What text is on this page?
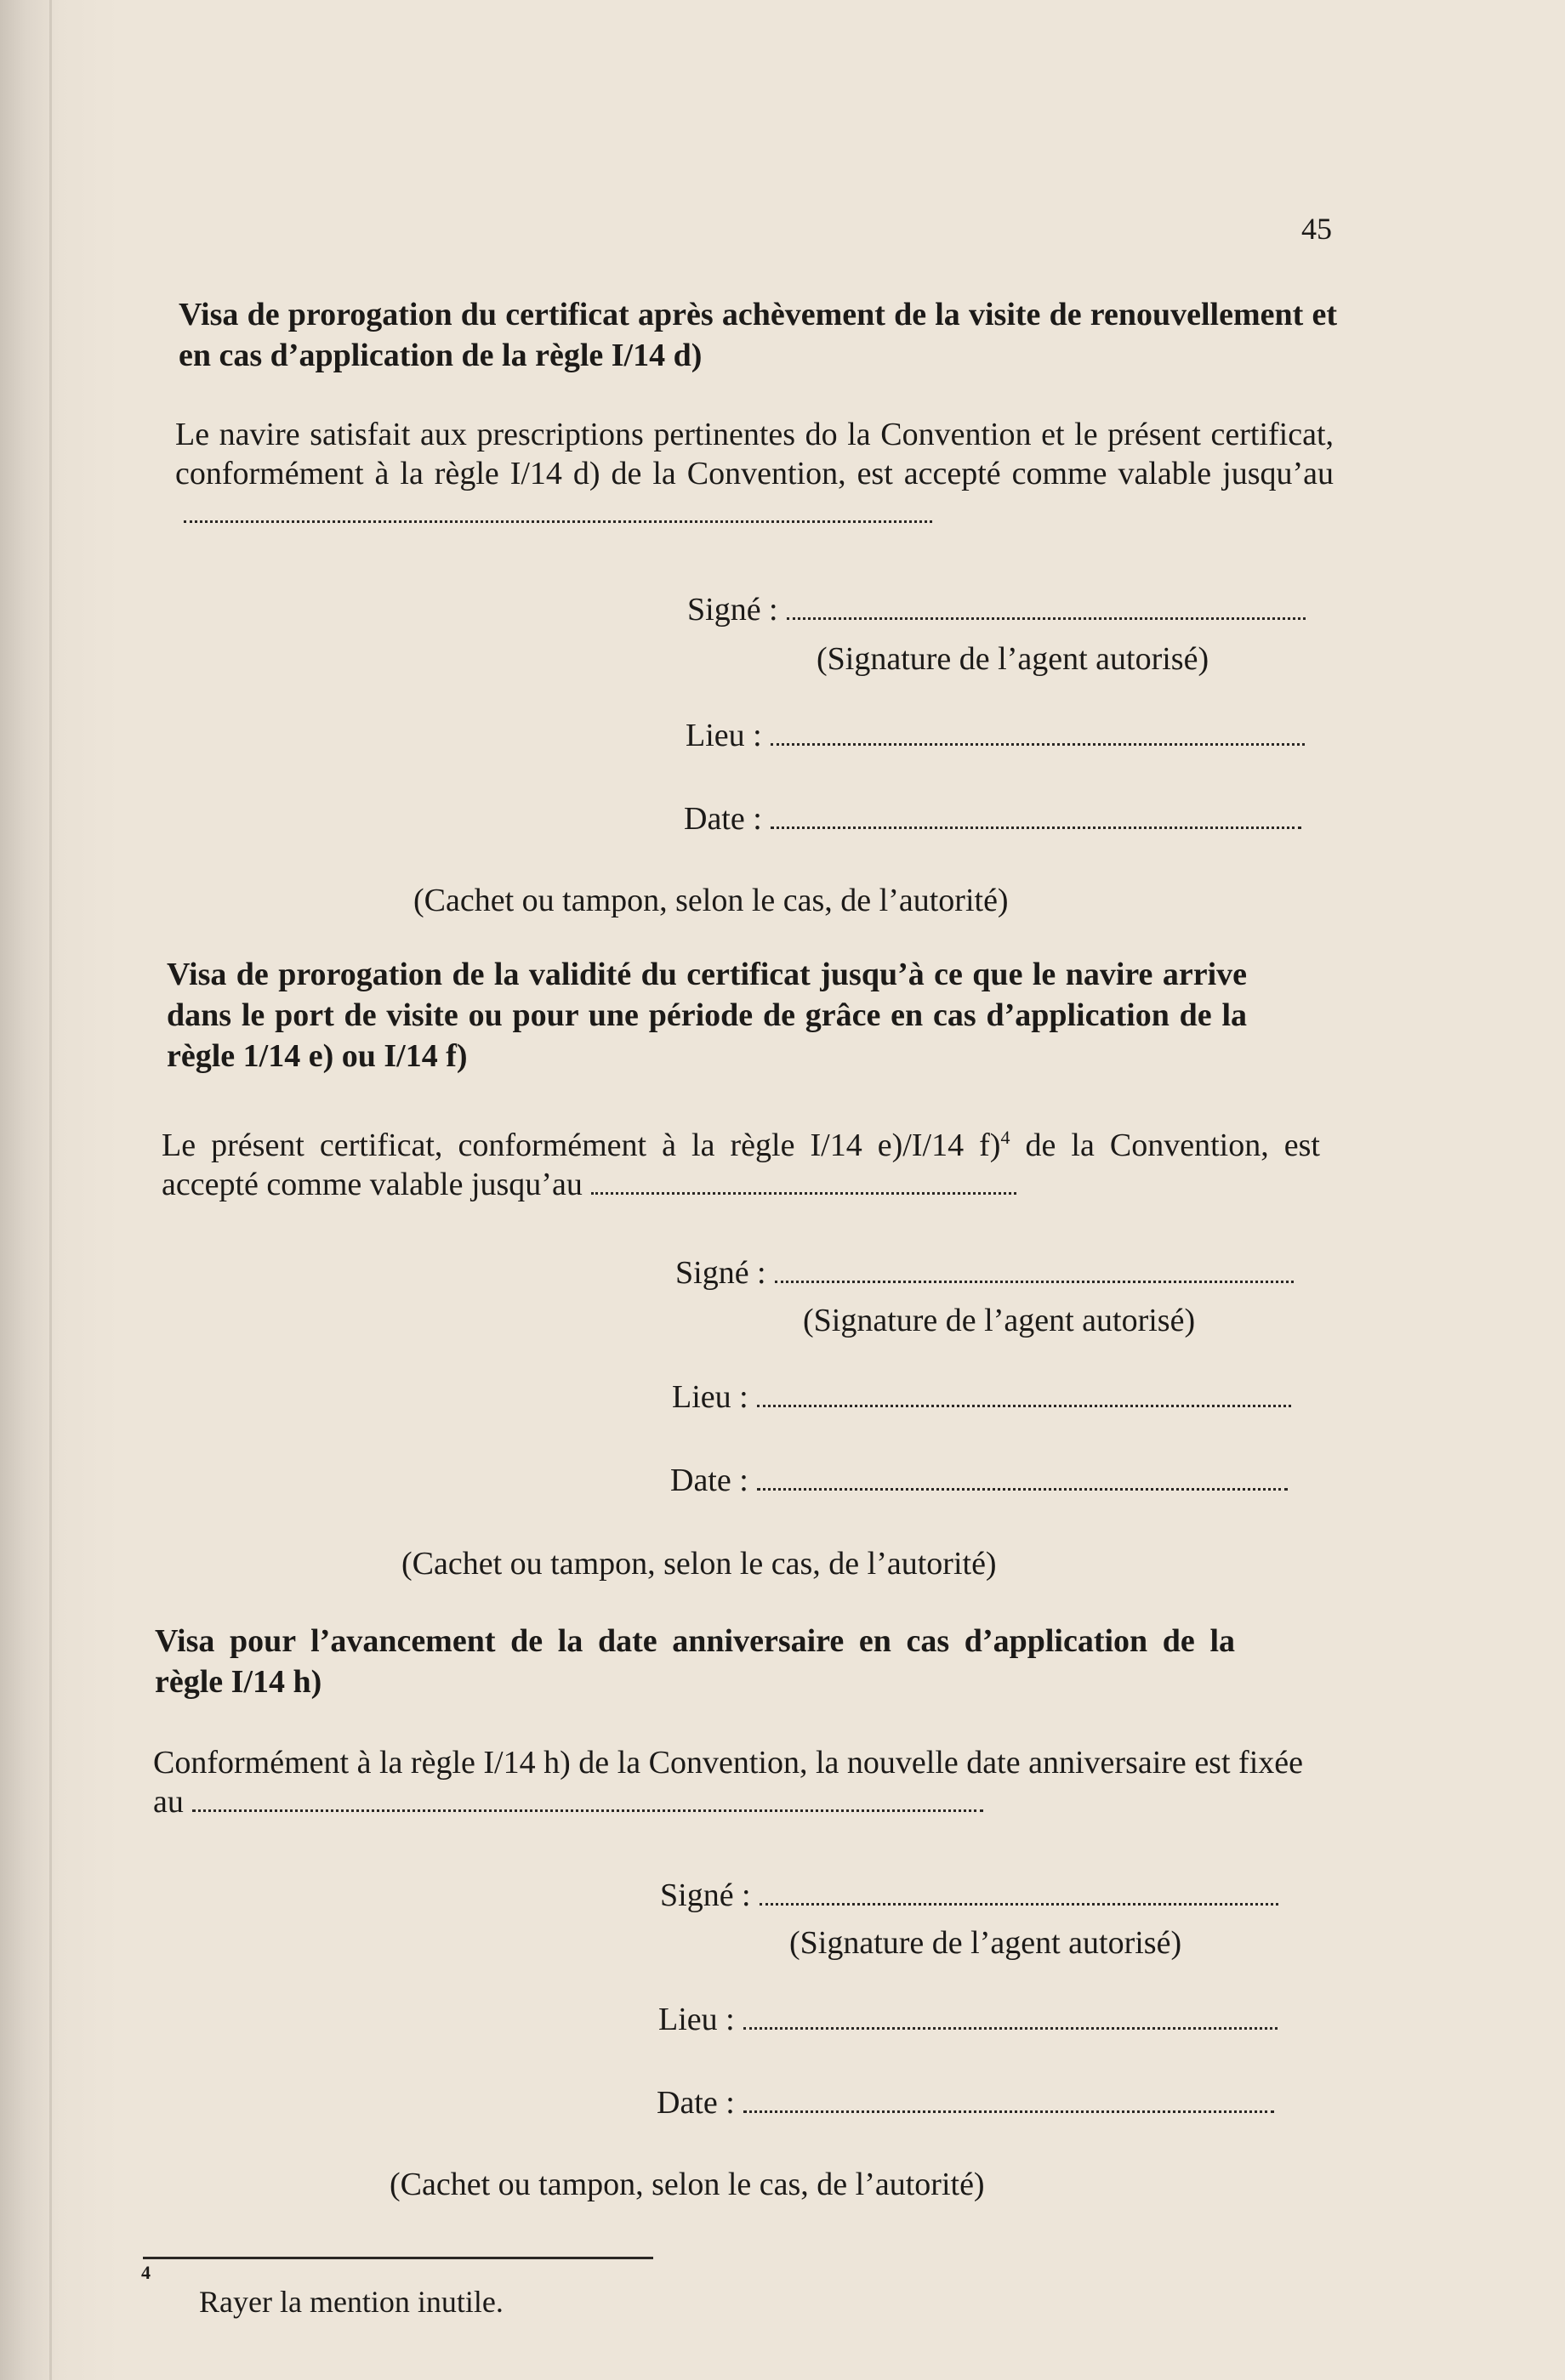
45
Visa de prorogation du certificat après achèvement de la visite de renouvellement et en cas d’application de la règle I/14 d)
Le navire satisfait aux prescriptions pertinentes do la Convention et le présent certificat, conformément à la règle I/14 d) de la Convention, est accepté comme valable jusqu’au
Signé :
(Signature de l’agent autorisé)
Lieu :
Date :
(Cachet ou tampon, selon le cas, de l’autorité)
Visa de prorogation de la validité du certificat jusqu’à ce que le navire arrive dans le port de visite ou pour une période de grâce en cas d’application de la règle 1/14 e) ou I/14 f)
Le présent certificat, conformément à la règle I/14 e)/I/14 f)$^4$ de la Convention, est accepté comme valable jusqu’au
Signé :
(Signature de l’agent autorisé)
Lieu :
Date :
(Cachet ou tampon, selon le cas, de l’autorité)
Visa pour l’avancement de la date anniversaire en cas d’application de la règle I/14 h)
Conformément à la règle I/14 h) de la Convention, la nouvelle date anniversaire est fixée au
Signé :
(Signature de l’agent autorisé)
Lieu :
Date :
(Cachet ou tampon, selon le cas, de l’autorité)
4
Rayer la mention inutile.
